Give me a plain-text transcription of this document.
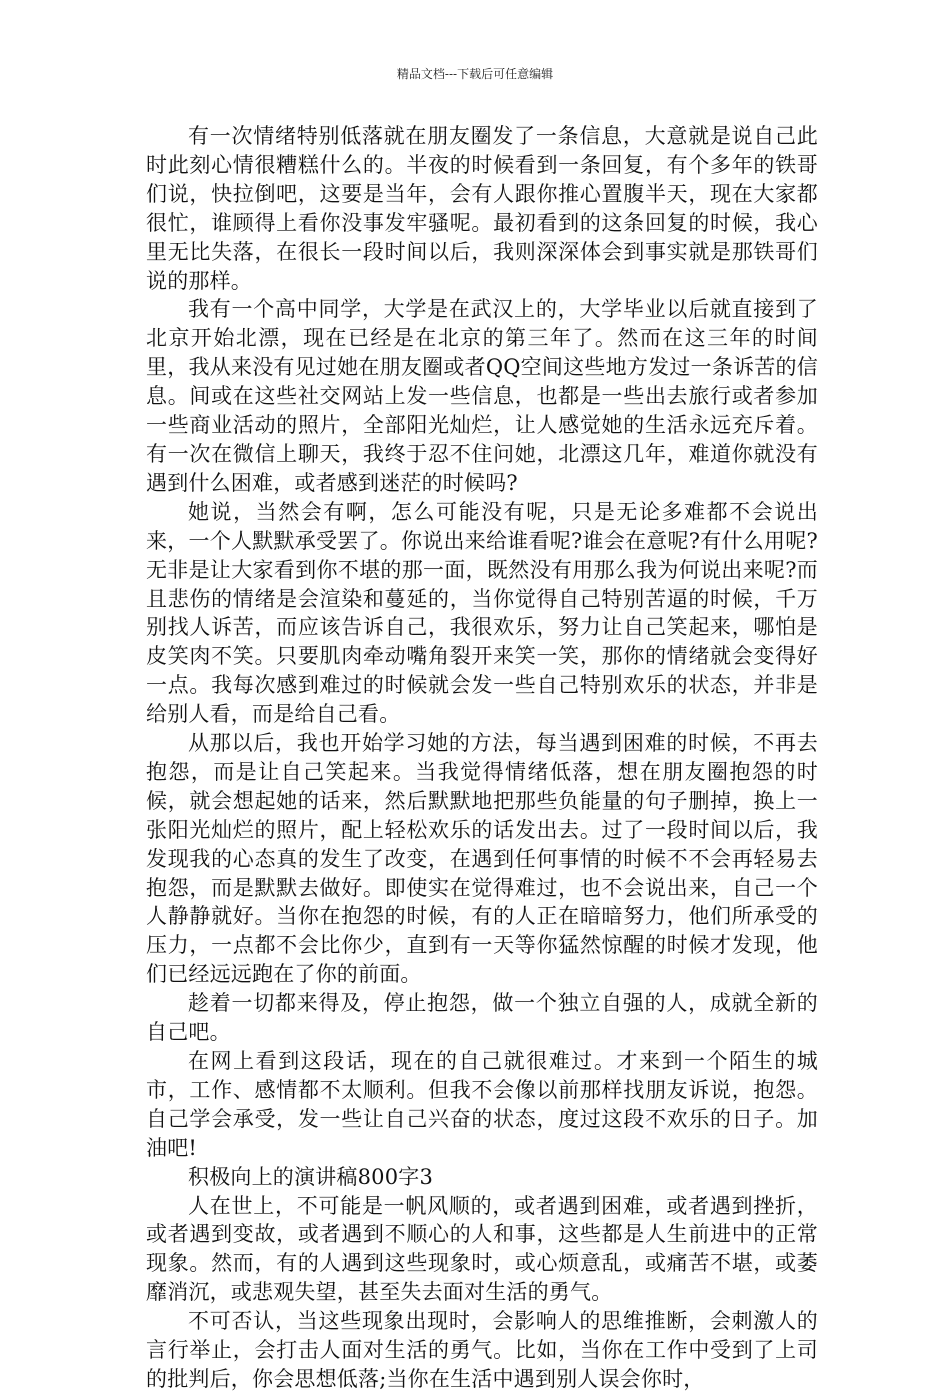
精品文档---下载后可任意编辑

有一次情绪特别低落就在朋友圈发了一条信息，大意就是说自己此时此刻心情很糟糕什么的。半夜的时候看到一条回复，有个多年的铁哥们说，快拉倒吧，这要是当年，会有人跟你推心置腹半天，现在大家都很忙，谁顾得上看你没事发牢骚呢。最初看到的这条回复的时候，我心里无比失落，在很长一段时间以后，我则深深体会到事实就是那铁哥们说的那样。

我有一个高中同学，大学是在武汉上的，大学毕业以后就直接到了北京开始北漂，现在已经是在北京的第三年了。然而在这三年的时间里，我从来没有见过她在朋友圈或者QQ空间这些地方发过一条诉苦的信息。间或在这些社交网站上发一些信息，也都是一些出去旅行或者参加一些商业活动的照片，全部阳光灿烂，让人感觉她的生活永远充斥着。有一次在微信上聊天，我终于忍不住问她，北漂这几年，难道你就没有遇到什么困难，或者感到迷茫的时候吗?

她说，当然会有啊，怎么可能没有呢，只是无论多难都不会说出来，一个人默默承受罢了。你说出来给谁看呢?谁会在意呢?有什么用呢?无非是让大家看到你不堪的那一面，既然没有用那么我为何说出来呢?而且悲伤的情绪是会渲染和蔓延的，当你觉得自己特别苦逼的时候，千万别找人诉苦，而应该告诉自己，我很欢乐，努力让自己笑起来，哪怕是皮笑肉不笑。只要肌肉牵动嘴角裂开来笑一笑，那你的情绪就会变得好一点。我每次感到难过的时候就会发一些自己特别欢乐的状态，并非是给别人看，而是给自己看。

从那以后，我也开始学习她的方法，每当遇到困难的时候，不再去抱怨，而是让自己笑起来。当我觉得情绪低落，想在朋友圈抱怨的时候，就会想起她的话来，然后默默地把那些负能量的句子删掉，换上一张阳光灿烂的照片，配上轻松欢乐的话发出去。过了一段时间以后，我发现我的心态真的发生了改变，在遇到任何事情的时候不不会再轻易去抱怨，而是默默去做好。即使实在觉得难过，也不会说出来，自己一个人静静就好。当你在抱怨的时候，有的人正在暗暗努力，他们所承受的压力，一点都不会比你少，直到有一天等你猛然惊醒的时候才发现，他们已经远远跑在了你的前面。

趁着一切都来得及，停止抱怨，做一个独立自强的人，成就全新的自己吧。

在网上看到这段话，现在的自己就很难过。才来到一个陌生的城市，工作、感情都不太顺利。但我不会像以前那样找朋友诉说，抱怨。自己学会承受，发一些让自己兴奋的状态，度过这段不欢乐的日子。加油吧!

积极向上的演讲稿800字3

人在世上，不可能是一帆风顺的，或者遇到困难，或者遇到挫折，或者遇到变故，或者遇到不顺心的人和事，这些都是人生前进中的正常现象。然而，有的人遇到这些现象时，或心烦意乱，或痛苦不堪，或萎靡消沉，或悲观失望，甚至失去面对生活的勇气。

不可否认，当这些现象出现时，会影响人的思维推断，会刺激人的言行举止，会打击人面对生活的勇气。比如，当你在工作中受到了上司的批判后，你会思想低落;当你在生活中遇到别人误会你时，
